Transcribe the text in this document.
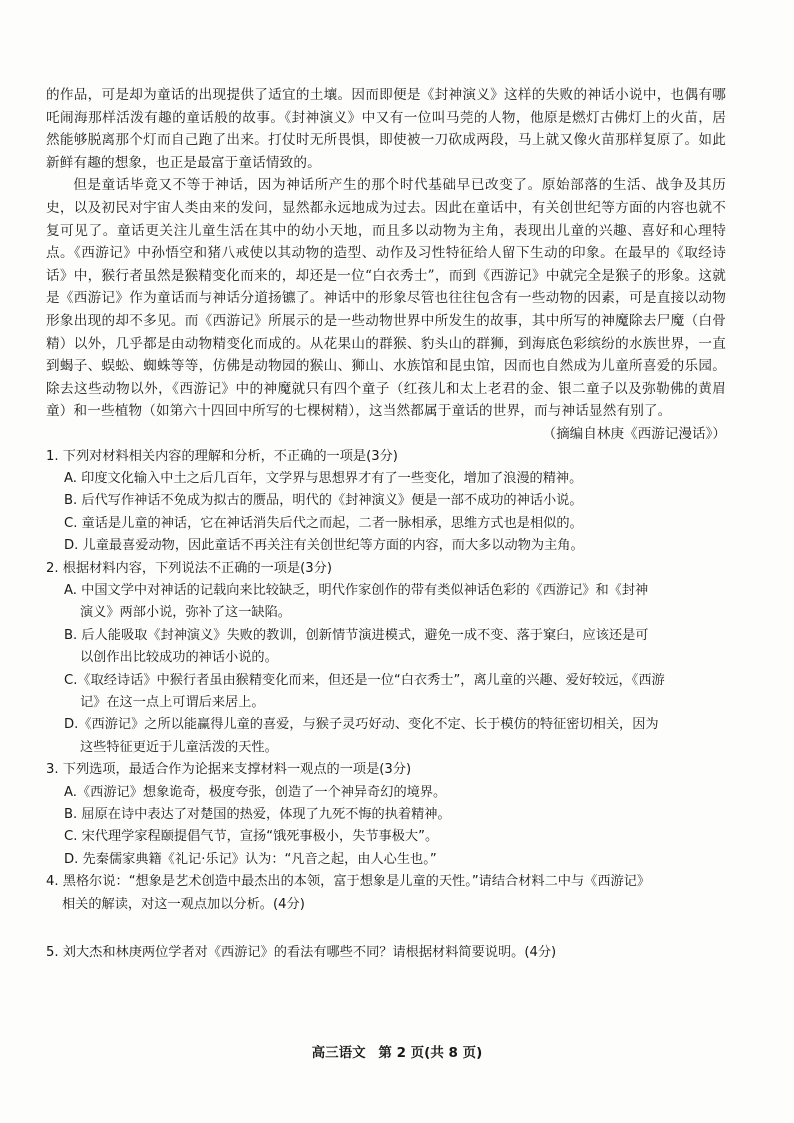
的作品，可是却为童话的出现提供了适宜的土壤。因而即便是《封神演义》这样的失败的神话小说中，也偶有哪吒闹海那样活泼有趣的童话般的故事。《封神演义》中又有一位叫马莞的人物，他原是燃灯古佛灯上的火苗，居然能够脱离那个灯而自己跑了出来。打仗时无所畏惧，即使被一刀砍成两段，马上就又像火苗那样复原了。如此新鲜有趣的想象，也正是最富于童话情致的。

但是童话毕竟又不等于神话，因为神话所产生的那个时代基础早已改变了。原始部落的生活、战争及其历史，以及初民对宇宙人类由来的发问，显然都永远地成为过去。因此在童话中，有关创世纪等方面的内容也就不复可见了。童话更关注儿童生活在其中的幼小天地，而且多以动物为主角，表现出儿童的兴趣、喜好和心理特点。《西游记》中孙悟空和猪八戒使以其动物的造型、动作及习性特征给人留下生动的印象。在最早的《取经诗话》中，猴行者虽然是猴精变化而来的，却还是一位“白衣秀士”，而到《西游记》中就完全是猴子的形象。这就是《西游记》作为童话而与神话分道扬镳了。神话中的形象尽管也往往包含有一些动物的因素，可是直接以动物形象出现的却不多见。而《西游记》所展示的是一些动物世界中所发生的故事，其中所写的神魔除去尸魔（白骨精）以外，几乎都是由动物精变化而成的。从花果山的群猴、豹头山的群狮，到海底色彩缤纷的水族世界，一直到蝎子、蜈蚣、蜘蛛等等，仿佛是动物园的猴山、狮山、水族馆和昆虫馆，因而也自然成为儿童所喜爱的乐园。除去这些动物以外，《西游记》中的神魔就只有四个童子（红孩儿和太上老君的金、银二童子以及弥勒佛的黄眉童）和一些植物（如第六十四回中所写的七棵树精），这当然都属于童话的世界，而与神话显然有别了。

（摘编自林庚《西游记漫话》）

1. 下列对材料相关内容的理解和分析，不正确的一项是(3分)

A. 印度文化输入中土之后几百年，文学界与思想界才有了一些变化，增加了浪漫的精神。

B. 后代写作神话不免成为拟古的赝品，明代的《封神演义》便是一部不成功的神话小说。

C. 童话是儿童的神话，它在神话消失后代之而起，二者一脉相承，思维方式也是相似的。

D. 儿童最喜爱动物，因此童话不再关注有关创世纪等方面的内容，而大多以动物为主角。

2. 根据材料内容，下列说法不正确的一项是(3分)

A. 中国文学中对神话的记载向来比较缺乏，明代作家创作的带有类似神话色彩的《西游记》和《封神

演义》两部小说，弥补了这一缺陷。

B. 后人能吸取《封神演义》失败的教训，创新情节演进模式，避免一成不变、落于窠臼，应该还是可

以创作出比较成功的神话小说的。

C.《取经诗话》中猴行者虽由猴精变化而来，但还是一位“白衣秀士”，离儿童的兴趣、爱好较远，《西游

记》在这一点上可谓后来居上。

D.《西游记》之所以能赢得儿童的喜爱，与猴子灵巧好动、变化不定、长于模仿的特征密切相关，因为

这些特征更近于儿童活泼的天性。

3. 下列选项，最适合作为论据来支撑材料一观点的一项是(3分)

A.《西游记》想象诡奇，极度夸张，创造了一个神异奇幻的境界。

B. 屈原在诗中表达了对楚国的热爱，体现了九死不悔的执着精神。

C. 宋代理学家程颐提倡气节，宣扬“饿死事极小，失节事极大”。

D. 先秦儒家典籍《礼记·乐记》认为：“凡音之起，由人心生也。”

4. 黑格尔说：“想象是艺术创造中最杰出的本领，富于想象是儿童的天性。”请结合材料二中与《西游记》

相关的解读，对这一观点加以分析。(4分)

5. 刘大杰和林庚两位学者对《西游记》的看法有哪些不同？请根据材料简要说明。(4分)

高三语文 第 2 页(共 8 页)
